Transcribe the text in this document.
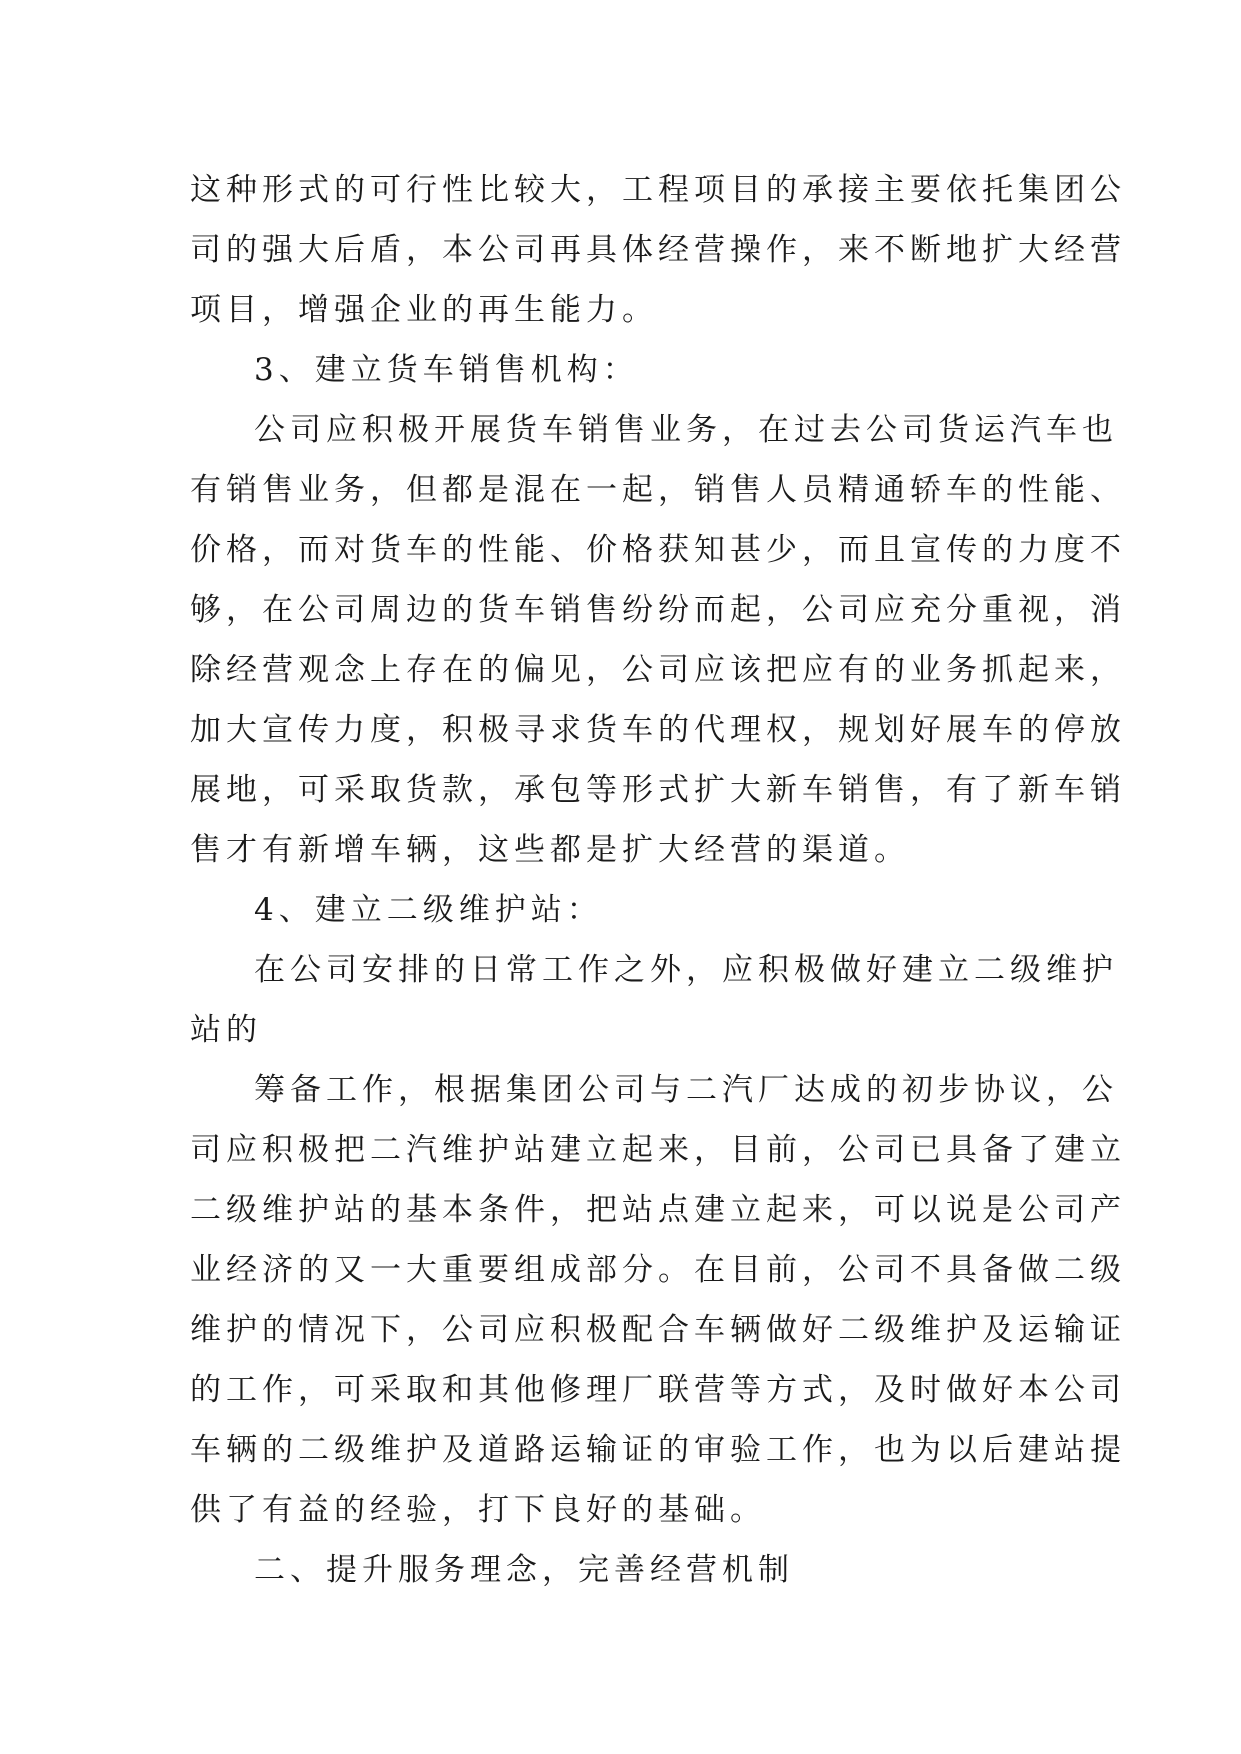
这种形式的可行性比较大，工程项目的承接主要依托集团公
司的强大后盾，本公司再具体经营操作，来不断地扩大经营
项目，增强企业的再生能力。
3、建立货车销售机构：
公司应积极开展货车销售业务，在过去公司货运汽车也
有销售业务，但都是混在一起，销售人员精通轿车的性能、
价格，而对货车的性能、价格获知甚少，而且宣传的力度不
够，在公司周边的货车销售纷纷而起，公司应充分重视，消
除经营观念上存在的偏见，公司应该把应有的业务抓起来，
加大宣传力度，积极寻求货车的代理权，规划好展车的停放
展地，可采取货款，承包等形式扩大新车销售，有了新车销
售才有新增车辆，这些都是扩大经营的渠道。
4、建立二级维护站：
在公司安排的日常工作之外，应积极做好建立二级维护
站的
筹备工作，根据集团公司与二汽厂达成的初步协议，公
司应积极把二汽维护站建立起来，目前，公司已具备了建立
二级维护站的基本条件，把站点建立起来，可以说是公司产
业经济的又一大重要组成部分。在目前，公司不具备做二级
维护的情况下，公司应积极配合车辆做好二级维护及运输证
的工作，可采取和其他修理厂联营等方式，及时做好本公司
车辆的二级维护及道路运输证的审验工作，也为以后建站提
供了有益的经验，打下良好的基础。
二、提升服务理念，完善经营机制
